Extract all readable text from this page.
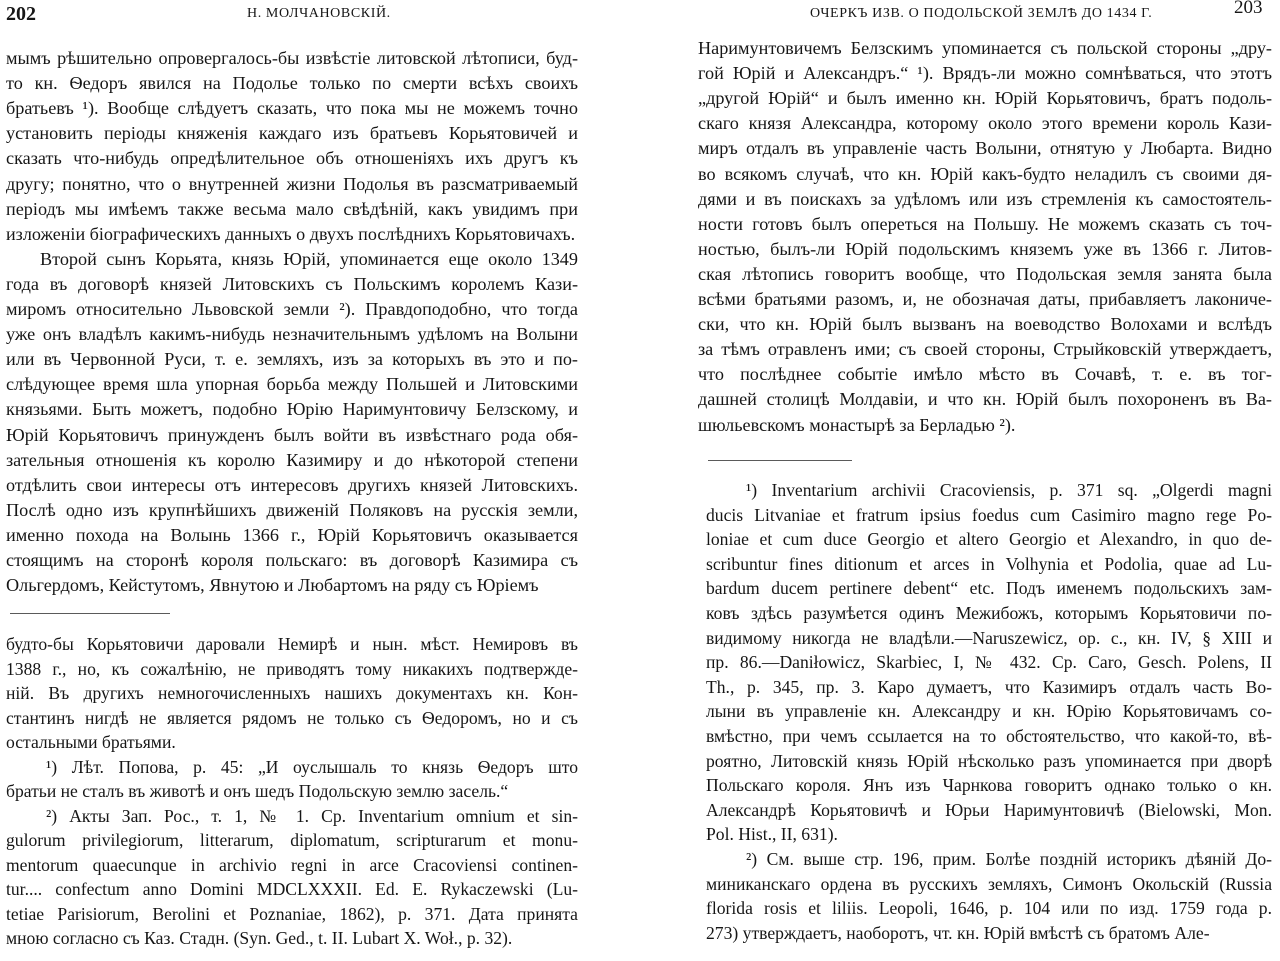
202	Н. МОЛЧАНОВСКІЙ.
мымъ рѣшительно опровергалось-бы извѣстіе литовской лѣтописи, буд-
то кн. Ѳедоръ явился на Подолье только по смерти всѣхъ своихъ
братьевъ ¹). Вообще слѣдуетъ сказать, что пока мы не можемъ точно
установить періоды княженія каждаго изъ братьевъ Корьятовичей и
сказать что-нибудь опредѣлительное объ отношеніяхъ ихъ другъ къ
другу; понятно, что о внутренней жизни Подолья въ разсматриваемый
періодъ мы имѣемъ также весьма мало свѣдѣній, какъ увидимъ при
изложеніи біографическихъ данныхъ о двухъ послѣднихъ Корьятовичахъ.
Второй сынъ Корьята, князь Юрій, упоминается еще около 1349
года въ договорѣ князей Литовскихъ съ Польскимъ королемъ Кази-
миромъ относительно Львовской земли ²). Правдоподобно, что тогда
уже онъ владѣлъ какимъ-нибудь незначительнымъ удѣломъ на Волыни
или въ Червонной Руси, т. е. земляхъ, изъ за которыхъ въ это и по-
слѣдующее время шла упорная борьба между Польшей и Литовскими
князьями. Быть можетъ, подобно Юрію Наримунтовичу Белзскому, и
Юрій Корьятовичъ принужденъ былъ войти въ извѣстнаго рода обя-
зательныя отношенія къ королю Казимиру и до нѣкоторой степени
отдѣлить свои интересы отъ интересовъ другихъ князей Литовскихъ.
Послѣ одно изъ крупнѣйшихъ движеній Поляковъ на русскія земли,
именно похода на Волынь 1366 г., Юрій Корьятовичъ оказывается
стоящимъ на сторонѣ короля польскаго: въ договорѣ Казимира съ
Ольгердомъ, Кейстутомъ, Явнутою и Любартомъ на ряду съ Юріемъ
будто-бы Корьятовичи даровали Немирѣ и нын. мѣст. Немировъ въ
1388 г., но, къ сожалѣнію, не приводятъ тому никакихъ подтвержде-
ній. Въ другихъ немногочисленныхъ нашихъ документахъ кн. Кон-
стантинъ нигдѣ не является рядомъ не только съ Ѳедоромъ, но и съ
остальными братьями.
¹) Лѣт. Попова, p. 45: „И оуслышаль то князь Ѳедоръ што
братьи не сталъ въ животѣ и онъ шедъ Подольскую землю засель.“
²) Акты Зап. Рос., т. 1, № 1. Ср. Inventarium omnium et sin-
gulorum privilegiorum, litterarum, diplomatum, scripturarum et monu-
mentorum quaecunque in archivio regni in arce Cracoviensi continen-
tur.... confectum anno Domini MDCLXXXII. Ed. E. Rykaczewski (Lu-
tetiae Parisiorum, Berolini et Poznaniae, 1862), p. 371. Дата принята
мною согласно съ Каз. Стадн. (Syn. Ged., t. II. Lubart X. Woł., p. 32).
ОЧЕРКЪ ИЗВ. О ПОДОЛЬСКОЙ ЗЕМЛѢ ДО 1434 Г.	203
Наримунтовичемъ Белзскимъ упоминается съ польской стороны „дру-
гой Юрій и Александръ.“ ¹). Врядъ-ли можно сомнѣваться, что этотъ
„другой Юрій“ и былъ именно кн. Юрій Корьятовичъ, братъ подоль-
скаго князя Александра, которому около этого времени король Кази-
миръ отдалъ въ управленіе часть Волыни, отнятую у Любарта. Видно
во всякомъ случаѣ, что кн. Юрій какъ-будто неладилъ съ своими дя-
дями и въ поискахъ за удѣломъ или изъ стремленія къ самостоятель-
ности готовъ былъ опереться на Польшу. Не можемъ сказать съ точ-
ностью, былъ-ли Юрій подольскимъ княземъ уже въ 1366 г. Литов-
ская лѣтопись говоритъ вообще, что Подольская земля занята была
всѣми братьями разомъ, и, не обозначая даты, прибавляетъ лакониче-
ски, что кн. Юрій былъ вызванъ на воеводство Волохами и вслѣдъ
за тѣмъ отравленъ ими; съ своей стороны, Стрыйковскій утверждаетъ,
что послѣднее событіе имѣло мѣсто въ Сочавѣ, т. е. въ тог-
дашней столицѣ Молдавіи, и что кн. Юрій былъ похороненъ въ Ва-
шюльевскомъ монастырѣ за Берладью ²).
¹) Inventarium archivii Cracoviensis, p. 371 sq. „Olgerdi magni
ducis Litvaniae et fratrum ipsius foedus cum Casimiro magno rege Po-
loniae et cum duce Georgio et altero Georgio et Alexandro, in quo de-
scribuntur fines ditionum et arces in Volhynia et Podolia, quae ad Lu-
bardum ducem pertinere debent“ etc. Подъ именемъ подольскихъ зам-
ковъ здѣсь разумѣется одинъ Межибожъ, которымъ Корьятовичи по-
видимому никогда не владѣли.—Naruszewicz, op. c., кн. IV, § XIII и
пр. 86.—Daniłowicz, Skarbiec, I, № 432. Cp. Caro, Gesch. Polens, II
Th., p. 345, пр. 3. Каро думаетъ, что Казимиръ отдалъ часть Во-
лыни въ управленіе кн. Александру и кн. Юрію Корьятовичамъ со-
вмѣстно, при чемъ ссылается на то обстоятельство, что какой-то, вѣ-
роятно, Литовскій князь Юрій нѣсколько разъ упоминается при дворѣ
Польскаго короля. Янъ изъ Чарнкова говоритъ однако только о кн.
Александрѣ Корьятовичѣ и Юрьи Наримунтовичѣ (Bielowski, Mon.
Pol. Hist., II, 631).
²) См. выше стр. 196, прим. Болѣе поздній историкъ дѣяній До-
миниканскаго ордена въ русскихъ земляхъ, Симонъ Окольскій (Russia
florida rosis et liliis. Leopoli, 1646, p. 104 или по изд. 1759 года p.
273) утверждаетъ, наоборотъ, чт. кн. Юрій вмѣстѣ съ братомъ Але-
